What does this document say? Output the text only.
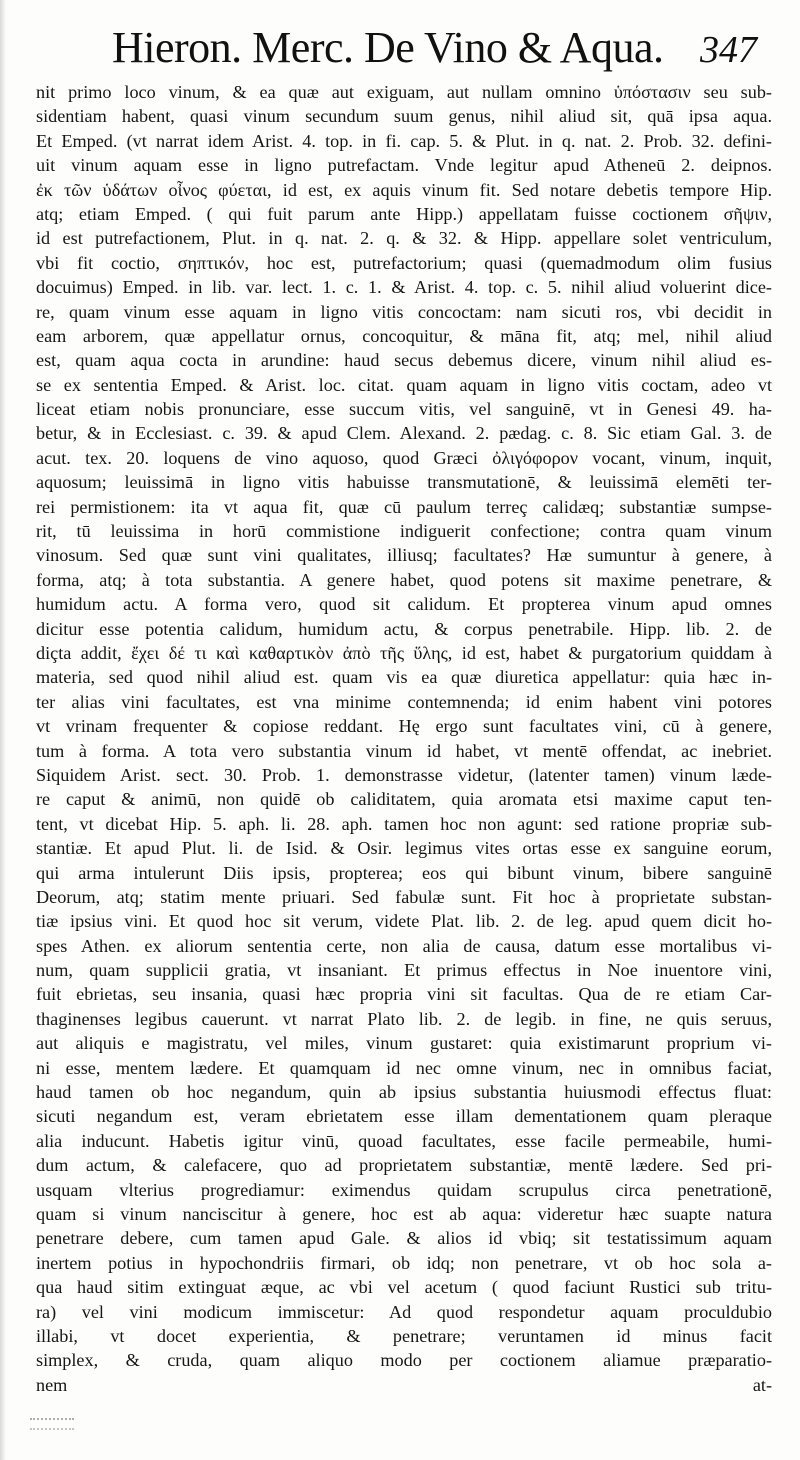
Hieron. Merc. De Vino & Aqua. 347
nit primo loco vinum, & ea quæ aut exiguam, aut nullam omnino ὑπόστασιν seu sub-
sidentiam habent, quasi vinum secundum suum genus, nihil aliud sit, quā ipsa aqua.
Et Emped. (vt narrat idem Arist. 4. top. in fi. cap. 5. & Plut. in q. nat. 2. Prob. 32. defini-
uit vinum aquam esse in ligno putrefactam. Vnde legitur apud Atheneū 2. deipnos.
ἐκ τῶν ὑδάτων οἶνος φύεται, id est, ex aquis vinum fit. Sed notare debetis tempore Hip.
atq; etiam Emped. ( qui fuit parum ante Hipp.) appellatam fuisse coctionem σῆψιν,
id est putrefactionem, Plut. in q. nat. 2. q. & 32. & Hipp. appellare solet ventriculum,
vbi fit coctio, σηπτικόν, hoc est, putrefactorium; quasi (quemadmodum olim fusius
docuimus) Emped. in lib. var. lect. 1. c. 1. & Arist. 4. top. c. 5. nihil aliud voluerint dice-
re, quam vinum esse aquam in ligno vitis concoctam: nam sicuti ros, vbi decidit in
eam arborem, quæ appellatur ornus, concoquitur, & māna fit, atq; mel, nihil aliud
est, quam aqua cocta in arundine: haud secus debemus dicere, vinum nihil aliud es-
se ex sententia Emped. & Arist. loc. citat. quam aquam in ligno vitis coctam, adeo vt
liceat etiam nobis pronunciare, esse succum vitis, vel sanguinē, vt in Genesi 49. ha-
betur, & in Ecclesiast. c. 39. & apud Clem. Alexand. 2. pædag. c. 8. Sic etiam Gal. 3. de
acut. tex. 20. loquens de vino aquoso, quod Græci ὀλιγόφορον vocant, vinum, inquit,
aquosum; leuissimā in ligno vitis habuisse transmutationē, & leuissimā elemēti ter-
rei permistionem: ita vt aqua fit, quæ cū paulum terreç calidæq; substantiæ sumpse-
rit, tū leuissima in horū commistione indiguerit confectione; contra quam vinum
vinosum. Sed quæ sunt vini qualitates, illiusq; facultates? Hæ sumuntur à genere, à
forma, atq; à tota substantia. A genere habet, quod potens sit maxime penetrare, &
humidum actu. A forma vero, quod sit calidum. Et propterea vinum apud omnes
dicitur esse potentia calidum, humidum actu, & corpus penetrabile. Hipp. lib. 2. de
diçta addit, ἔχει δέ τι καὶ καθαρτικὸν ἀπὸ τῆς ὕλης, id est, habet & purgatorium quiddam à
materia, sed quod nihil aliud est. quam vis ea quæ diuretica appellatur: quia hæc in-
ter alias vini facultates, est vna minime contemnenda; id enim habent vini potores
vt vrinam frequenter & copiose reddant. Hę ergo sunt facultates vini, cū à genere,
tum à forma. A tota vero substantia vinum id habet, vt mentē offendat, ac inebriet.
Siquidem Arist. sect. 30. Prob. 1. demonstrasse videtur, (latenter tamen) vinum læde-
re caput & animū, non quidē ob caliditatem, quia aromata etsi maxime caput ten-
tent, vt dicebat Hip. 5. aph. li. 28. aph. tamen hoc non agunt: sed ratione propriæ sub-
stantiæ. Et apud Plut. li. de Isid. & Osir. legimus vites ortas esse ex sanguine eorum,
qui arma intulerunt Diis ipsis, propterea; eos qui bibunt vinum, bibere sanguinē
Deorum, atq; statim mente priuari. Sed fabulæ sunt. Fit hoc à proprietate substan-
tiæ ipsius vini. Et quod hoc sit verum, videte Plat. lib. 2. de leg. apud quem dicit ho-
spes Athen. ex aliorum sententia certe, non alia de causa, datum esse mortalibus vi-
num, quam supplicii gratia, vt insaniant. Et primus effectus in Noe inuentore vini,
fuit ebrietas, seu insania, quasi hæc propria vini sit facultas. Qua de re etiam Car-
thaginenses legibus cauerunt. vt narrat Plato lib. 2. de legib. in fine, ne quis seruus,
aut aliquis e magistratu, vel miles, vinum gustaret: quia existimarunt proprium vi-
ni esse, mentem lædere. Et quamquam id nec omne vinum, nec in omnibus faciat,
haud tamen ob hoc negandum, quin ab ipsius substantia huiusmodi effectus fluat:
sicuti negandum est, veram ebrietatem esse illam dementationem quam pleraque
alia inducunt. Habetis igitur vinū, quoad facultates, esse facile permeabile, humi-
dum actum, & calefacere, quo ad proprietatem substantiæ, mentē lædere. Sed pri-
usquam vlterius progrediamur: eximendus quidam scrupulus circa penetrationē,
quam si vinum nanciscitur à genere, hoc est ab aqua: videretur hæc suapte natura
penetrare debere, cum tamen apud Gale. & alios id vbiq; sit testatissimum aquam
inertem potius in hypochondriis firmari, ob idq; non penetrare, vt ob hoc sola a-
qua haud sitim extinguat æque, ac vbi vel acetum ( quod faciunt Rustici sub tritu-
ra) vel vini modicum immiscetur: Ad quod respondetur aquam proculdubio
illabi, vt docet experientia, & penetrare; veruntamen id minus facit
simplex, & cruda, quam aliquo modo per coctionem aliamue præparatio-
nem at-
